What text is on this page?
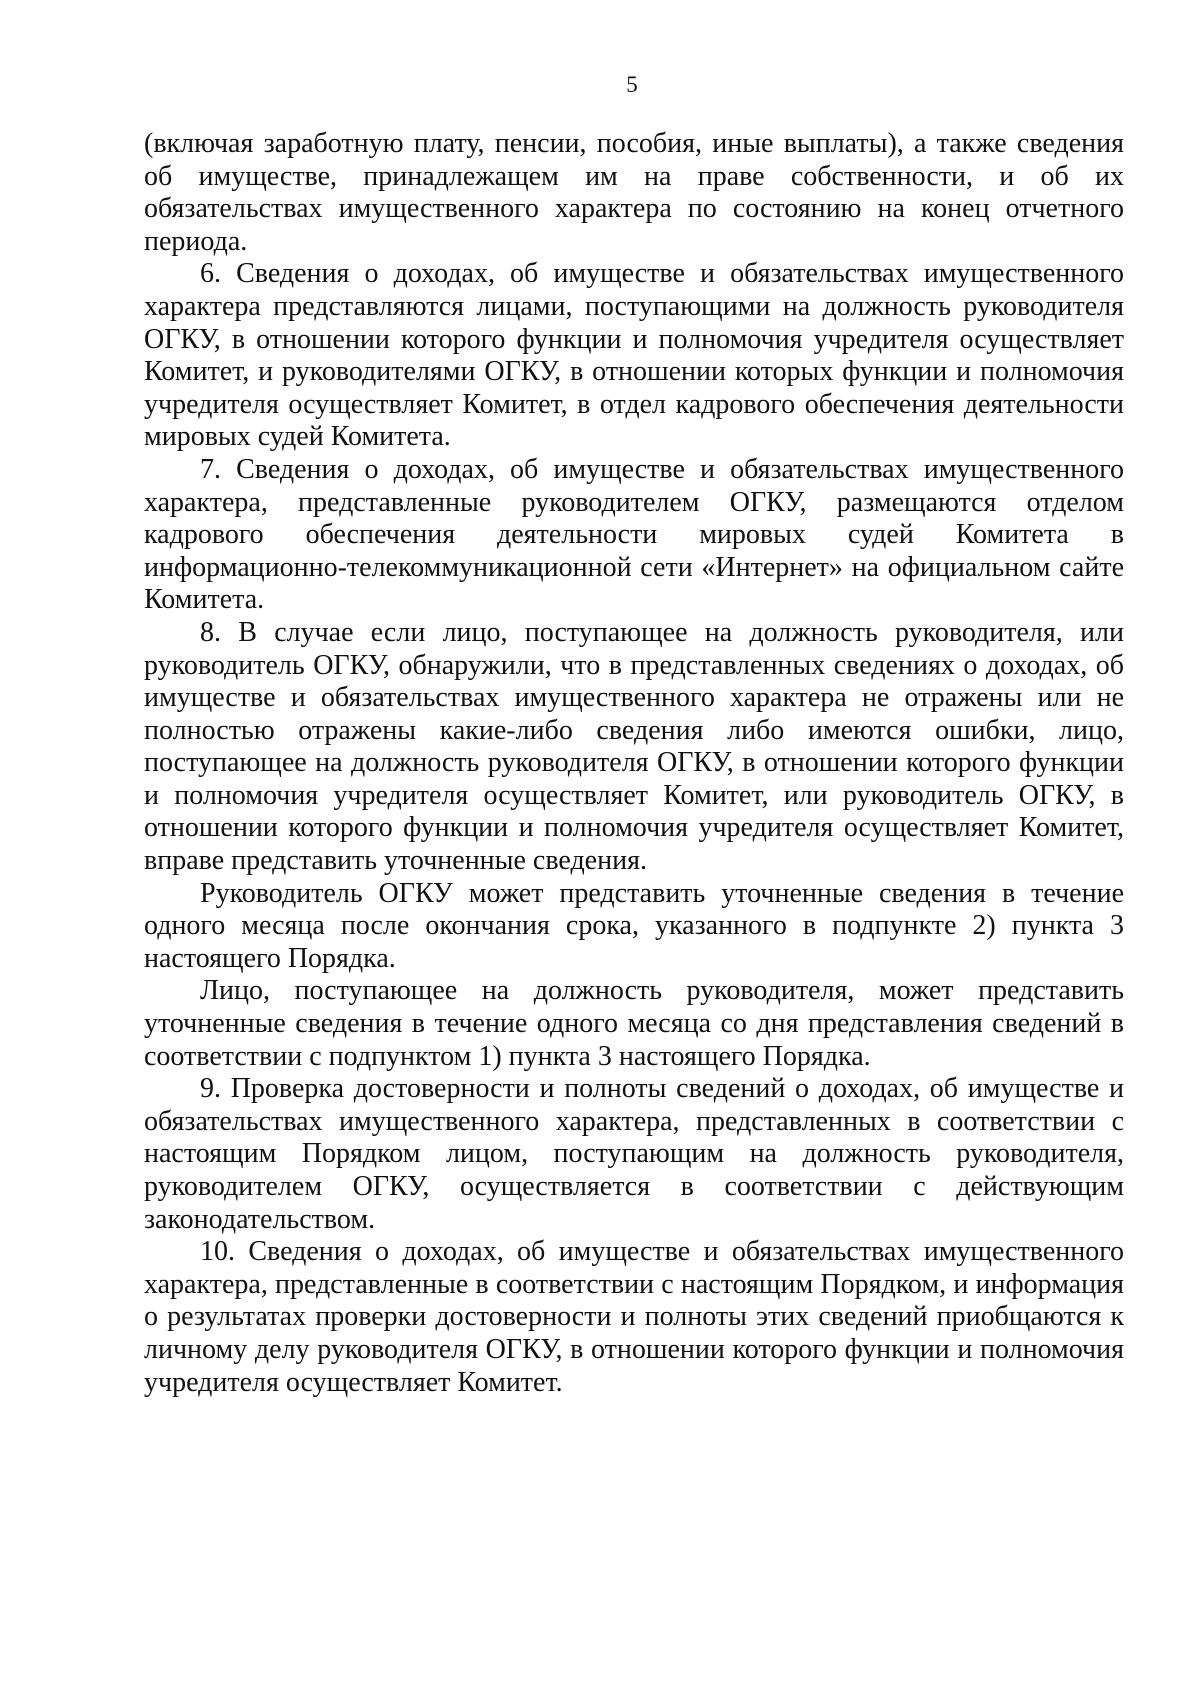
5

(включая заработную плату, пенсии, пособия, иные выплаты), а также сведения об имуществе, принадлежащем им на праве собственности, и об их обязательствах имущественного характера по состоянию на конец отчетного периода.

6. Сведения о доходах, об имуществе и обязательствах имущественного характера представляются лицами, поступающими на должность руководителя ОГКУ, в отношении которого функции и полномочия учредителя осуществляет Комитет, и руководителями ОГКУ, в отношении которых функции и полномочия учредителя осуществляет Комитет, в отдел кадрового обеспечения деятельности мировых судей Комитета.

7. Сведения о доходах, об имуществе и обязательствах имущественного характера, представленные руководителем ОГКУ, размещаются отделом кадрового обеспечения деятельности мировых судей Комитета в информационно-телекоммуникационной сети «Интернет» на официальном сайте Комитета.

8. В случае если лицо, поступающее на должность руководителя, или руководитель ОГКУ, обнаружили, что в представленных сведениях о доходах, об имуществе и обязательствах имущественного характера не отражены или не полностью отражены какие-либо сведения либо имеются ошибки, лицо, поступающее на должность руководителя ОГКУ, в отношении которого функции и полномочия учредителя осуществляет Комитет, или руководитель ОГКУ, в отношении которого функции и полномочия учредителя осуществляет Комитет, вправе представить уточненные сведения.

Руководитель ОГКУ может представить уточненные сведения в течение одного месяца после окончания срока, указанного в подпункте 2) пункта 3 настоящего Порядка.

Лицо, поступающее на должность руководителя, может представить уточненные сведения в течение одного месяца со дня представления сведений в соответствии с подпунктом 1) пункта 3 настоящего Порядка.

9. Проверка достоверности и полноты сведений о доходах, об имуществе и обязательствах имущественного характера, представленных в соответствии с настоящим Порядком лицом, поступающим на должность руководителя, руководителем ОГКУ, осуществляется в соответствии с действующим законодательством.

10. Сведения о доходах, об имуществе и обязательствах имущественного характера, представленные в соответствии с настоящим Порядком, и информация о результатах проверки достоверности и полноты этих сведений приобщаются к личному делу руководителя ОГКУ, в отношении которого функции и полномочия учредителя осуществляет Комитет.
